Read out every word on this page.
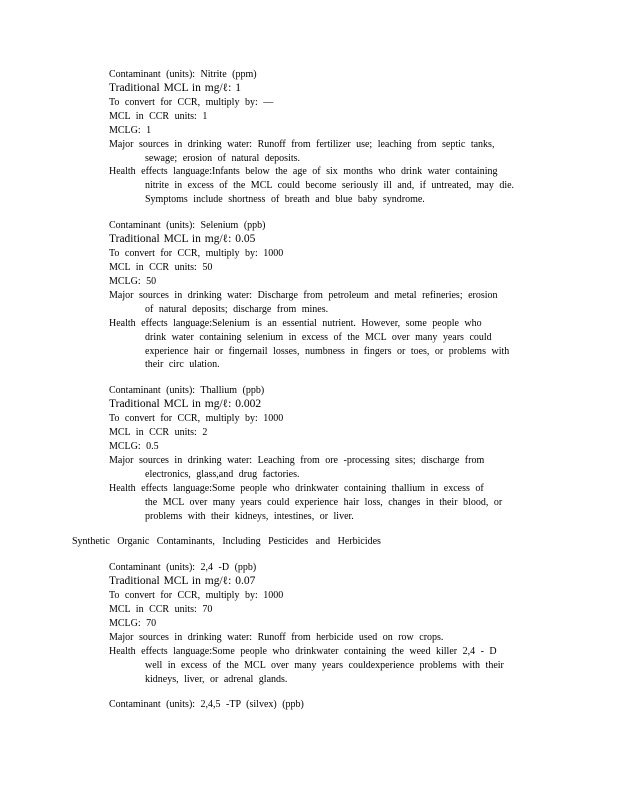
Contaminant (units): Nitrite (ppm)
Traditional MCL in mg/ℓ: 1
To convert for CCR, multiply by: —
MCL in CCR units: 1
MCLG: 1
Major sources in drinking water: Runoff from fertilizer use; leaching from septic tanks,
sewage; erosion of natural deposits.
Health effects language:Infants below the age of six months who drink water containing
nitrite in excess of the MCL could become seriously ill and, if untreated, may die.
Symptoms include shortness of breath and blue baby syndrome.
Contaminant (units): Selenium (ppb)
Traditional MCL in mg/ℓ: 0.05
To convert for CCR, multiply by: 1000
MCL in CCR units: 50
MCLG: 50
Major sources in drinking water: Discharge from petroleum and metal refineries; erosion
of natural deposits; discharge from mines.
Health effects language:Selenium is an essential nutrient. However, some people who
drink water containing selenium in excess of the MCL over many years could
experience hair or fingernail losses, numbness in fingers or toes, or problems with
their circ ulation.
Contaminant (units): Thallium (ppb)
Traditional MCL in mg/ℓ: 0.002
To convert for CCR, multiply by: 1000
MCL in CCR units: 2
MCLG: 0.5
Major sources in drinking water: Leaching from ore -processing sites; discharge from
electronics, glass,and drug factories.
Health effects language:Some people who drinkwater containing thallium in excess of
the MCL over many years could experience hair loss, changes in their blood, or
problems with their kidneys, intestines, or liver.
Synthetic Organic Contaminants, Including Pesticides and Herbicides
Contaminant (units): 2,4 -D (ppb)
Traditional MCL in mg/ℓ: 0.07
To convert for CCR, multiply by: 1000
MCL in CCR units: 70
MCLG: 70
Major sources in drinking water: Runoff from herbicide used on row crops.
Health effects language:Some people who drinkwater containing the weed killer 2,4 - D
well in excess of the MCL over many years couldexperience problems with their
kidneys, liver, or adrenal glands.
Contaminant (units): 2,4,5 -TP (silvex) (ppb)
